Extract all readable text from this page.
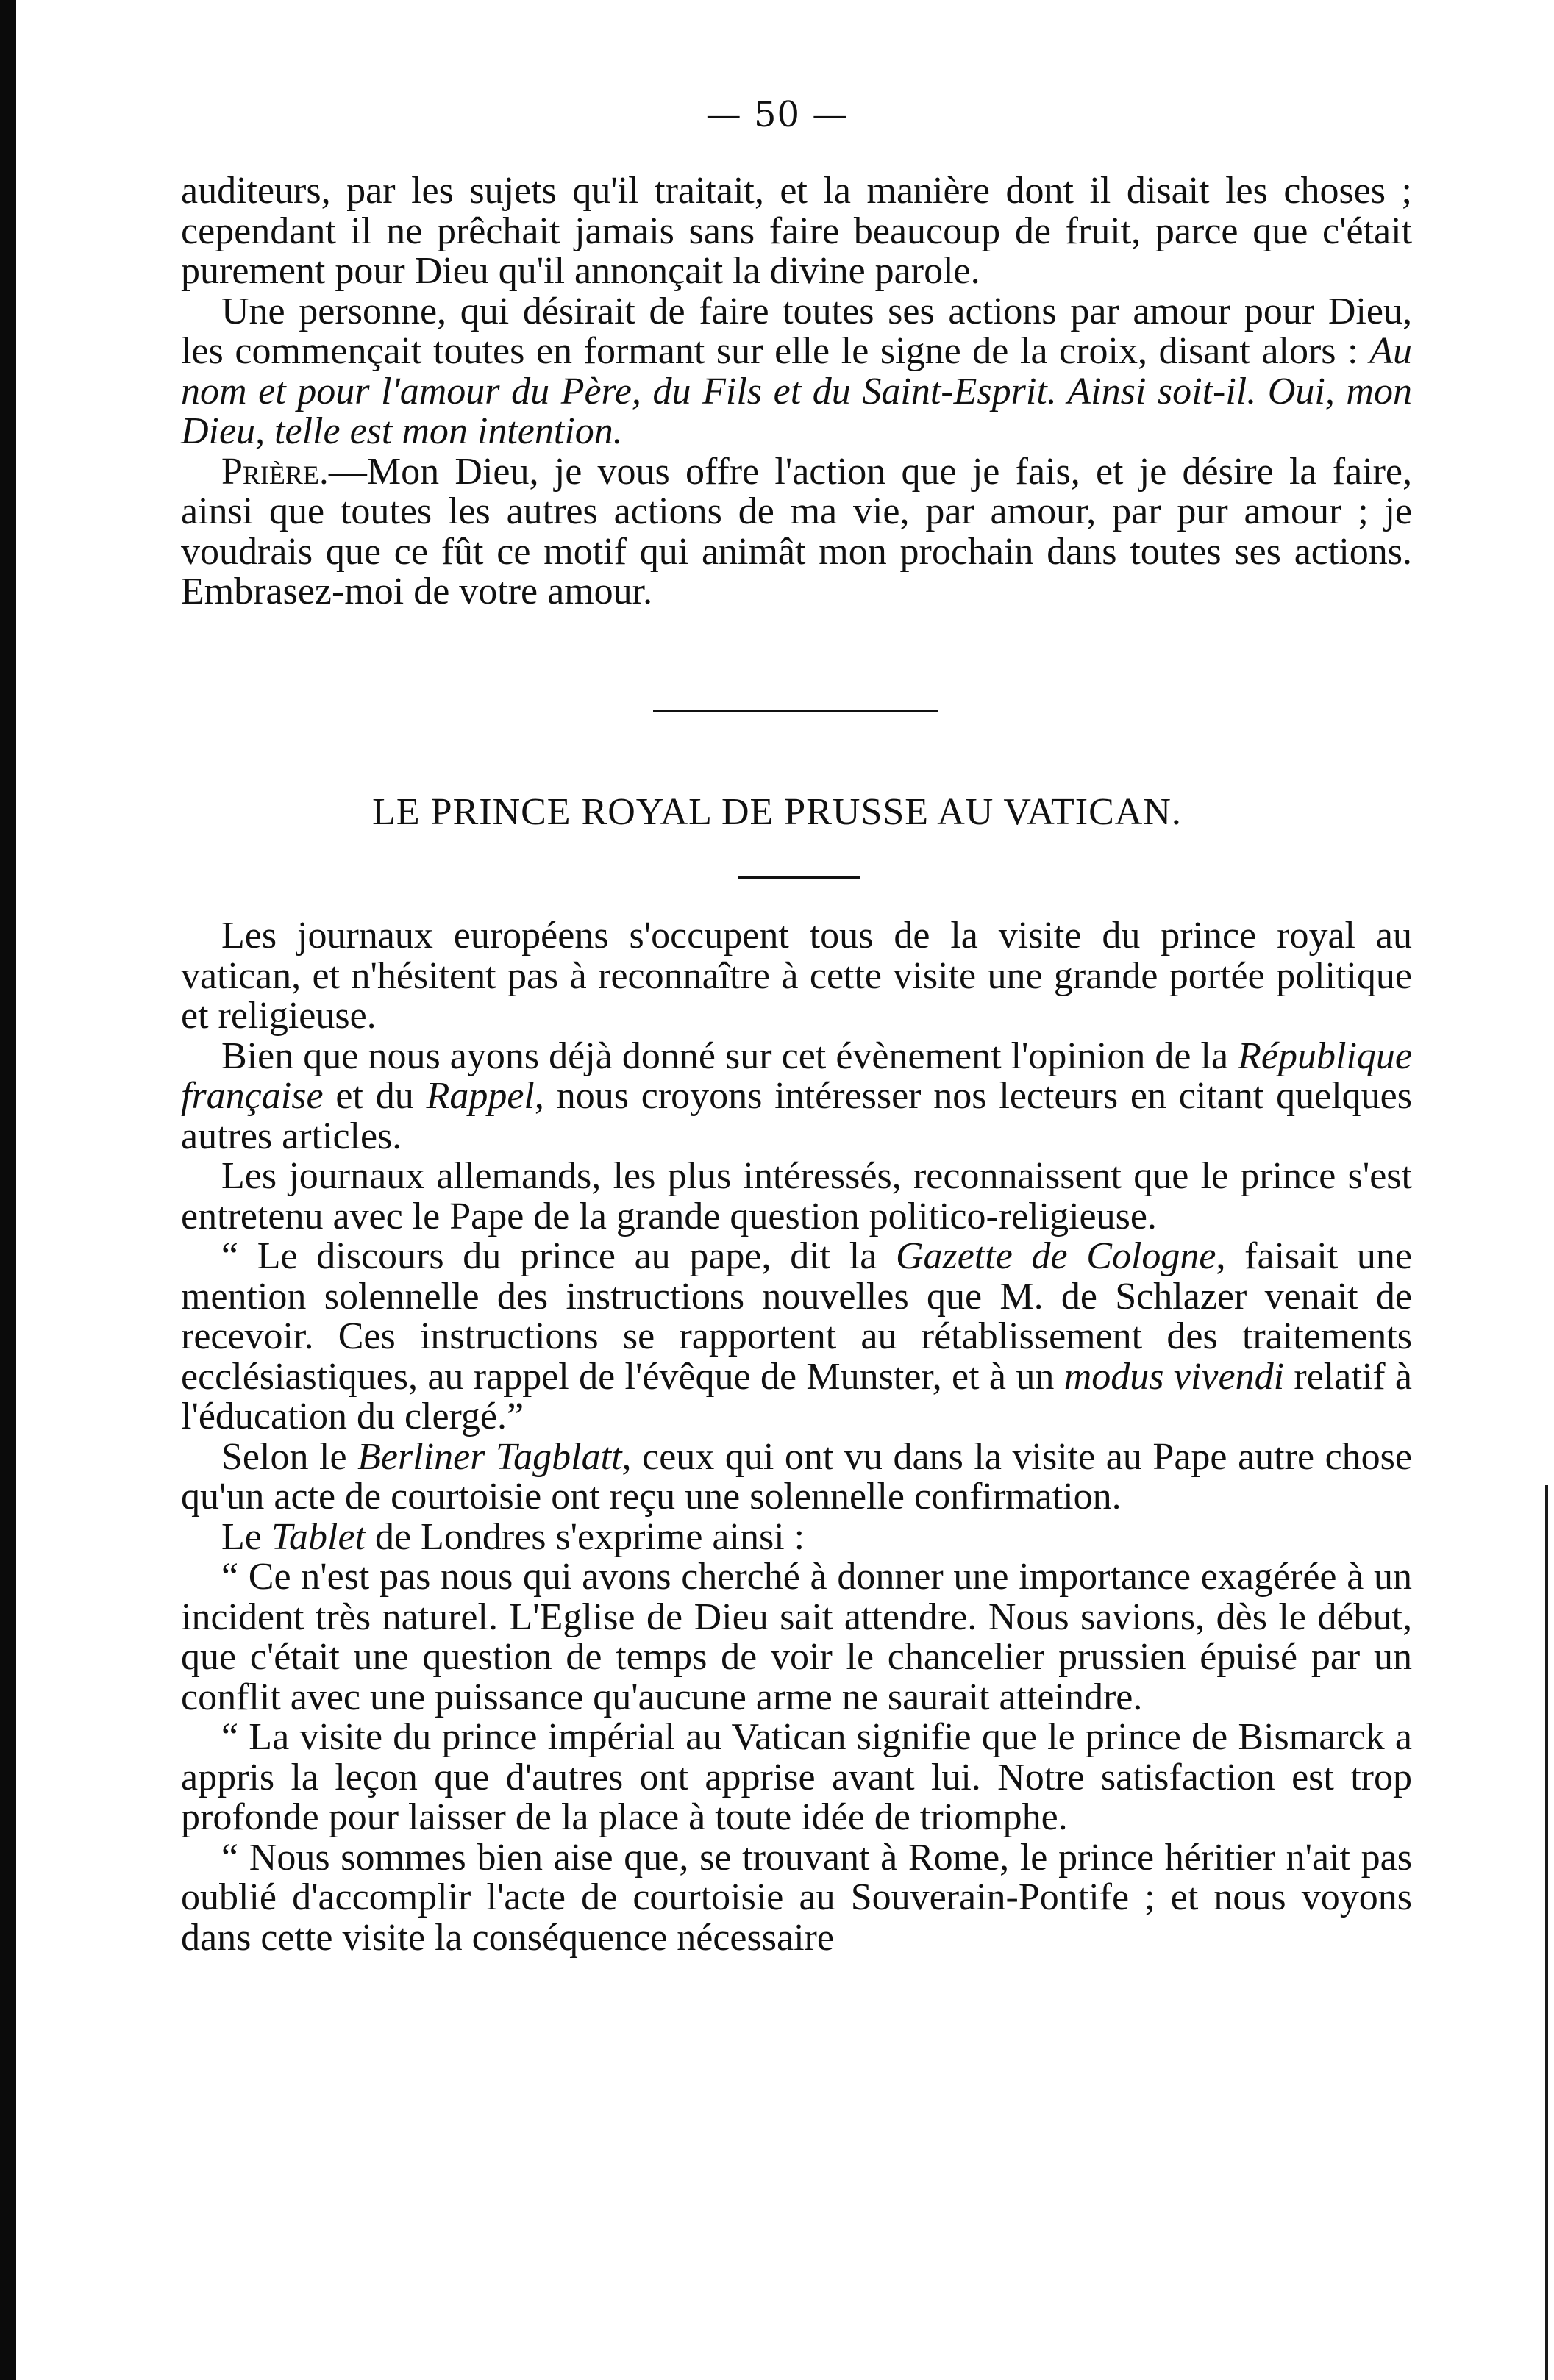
— 50 —

auditeurs, par les sujets qu'il traitait, et la manière dont il disait les choses ; cependant il ne prêchait jamais sans faire beaucoup de fruit, parce que c'était purement pour Dieu qu'il annonçait la divine parole.

Une personne, qui désirait de faire toutes ses actions par amour pour Dieu, les commençait toutes en formant sur elle le signe de la croix, disant alors : Au nom et pour l'amour du Père, du Fils et du Saint-Esprit. Ainsi soit-il. Oui, mon Dieu, telle est mon intention.

Prière.—Mon Dieu, je vous offre l'action que je fais, et je désire la faire, ainsi que toutes les autres actions de ma vie, par amour, par pur amour ; je voudrais que ce fût ce motif qui animât mon prochain dans toutes ses actions. Embrasez-moi de votre amour.

LE PRINCE ROYAL DE PRUSSE AU VATICAN.

Les journaux européens s'occupent tous de la visite du prince royal au vatican, et n'hésitent pas à reconnaître à cette visite une grande portée politique et religieuse.

Bien que nous ayons déjà donné sur cet évènement l'opinion de la République française et du Rappel, nous croyons intéresser nos lecteurs en citant quelques autres articles.

Les journaux allemands, les plus intéressés, reconnaissent que le prince s'est entretenu avec le Pape de la grande question politico-religieuse.

“ Le discours du prince au pape, dit la Gazette de Cologne, faisait une mention solennelle des instructions nouvelles que M. de Schlazer venait de recevoir. Ces instructions se rapportent au rétablissement des traitements ecclésiastiques, au rappel de l'évêque de Munster, et à un modus vivendi relatif à l'éducation du clergé.”

Selon le Berliner Tagblatt, ceux qui ont vu dans la visite au Pape autre chose qu'un acte de courtoisie ont reçu une solennelle confirmation.

Le Tablet de Londres s'exprime ainsi :

“ Ce n'est pas nous qui avons cherché à donner une importance exagérée à un incident très naturel. L'Eglise de Dieu sait attendre. Nous savions, dès le début, que c'était une question de temps de voir le chancelier prussien épuisé par un conflit avec une puissance qu'aucune arme ne saurait atteindre.

“ La visite du prince impérial au Vatican signifie que le prince de Bismarck a appris la leçon que d'autres ont apprise avant lui. Notre satisfaction est trop profonde pour laisser de la place à toute idée de triomphe.

“ Nous sommes bien aise que, se trouvant à Rome, le prince héritier n'ait pas oublié d'accomplir l'acte de courtoisie au Souverain-Pontife ; et nous voyons dans cette visite la conséquence nécessaire
